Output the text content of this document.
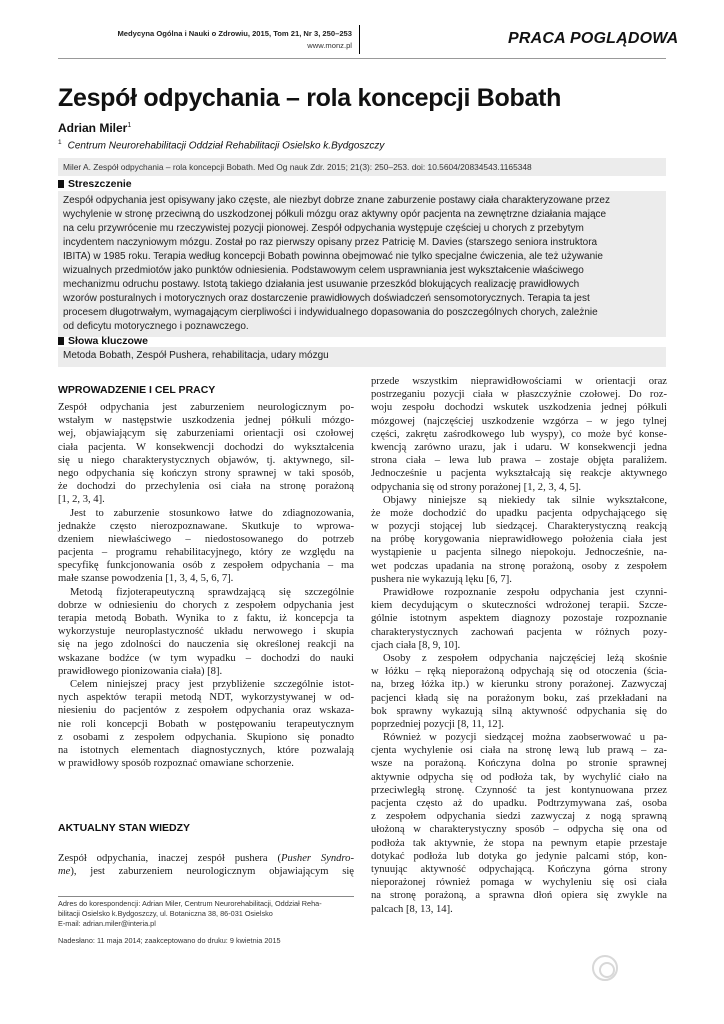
Medycyna Ogólna i Nauki o Zdrowiu, 2015, Tom 21, Nr 3, 250–253
www.monz.pl	PRACA POGLĄDOWA
Zespół odpychania – rola koncepcji Bobath
Adrian Miler$^1$
$^1$ Centrum Neurorehabilitacji Oddział Rehabilitacji Osielsko k.Bydgoszczy
Miler A. Zespół odpychania – rola koncepcji Bobath. Med Og nauk Zdr. 2015; 21(3): 250–253. doi: 10.5604/20834543.1165348
Streszczenie
Zespół odpychania jest opisywany jako częste, ale niezbyt dobrze znane zaburzenie postawy ciała charakteryzowane przez
wychylenie w stronę przeciwną do uszkodzonej półkuli mózgu oraz aktywny opór pacjenta na zewnętrzne działania mające
na celu przywrócenie mu rzeczywistej pozycji pionowej. Zespół odpychania występuje częściej u chorych z przebytym
incydentem naczyniowym mózgu. Został po raz pierwszy opisany przez Patricię M. Davies (starszego seniora instruktora
IBITA) w 1985 roku. Terapia według koncepcji Bobath powinna obejmować nie tylko specjalne ćwiczenia, ale też używanie
wizualnych przedmiotów jako punktów odniesienia. Podstawowym celem usprawniania jest wykształcenie właściwego
mechanizmu odruchu postawy. Istotą takiego działania jest usuwanie przeszkód blokujących realizację prawidłowych
wzorów posturalnych i motorycznych oraz dostarczenie prawidłowych doświadczeń sensomotorycznych. Terapia ta jest
procesem długotrwałym, wymagającym cierpliwości i indywidualnego dopasowania do poszczególnych chorych, zależnie
od deficytu motorycznego i poznawczego.
Słowa kluczowe
Metoda Bobath, Zespół Pushera, rehabilitacja, udary mózgu
WPROWADZENIE I CEL PRACY
Zespół odpychania jest zaburzeniem neurologicznym po-
wstałym w następstwie uszkodzenia jednej półkuli mózgo-
wej, objawiającym się zaburzeniami orientacji osi czołowej
ciała pacjenta. W konsekwencji dochodzi do wykształcenia
się u niego charakterystycznych objawów, tj. aktywnego, sil-
nego odpychania się kończyn strony sprawnej w taki sposób,
że dochodzi do przechylenia osi ciała na stronę porażoną
[1, 2, 3, 4].
Jest to zaburzenie stosunkowo łatwe do zdiagnozowania,
jednakże często nierozpoznawane. Skutkuje to wprowa-
dzeniem niewłaściwego – niedostosowanego do potrzeb
pacjenta – programu rehabilitacyjnego, który ze względu na
specyfikę funkcjonowania osób z zespołem odpychania – ma
małe szanse powodzenia [1, 3, 4, 5, 6, 7].
Metodą fizjoterapeutyczną sprawdzającą się szczególnie
dobrze w odniesieniu do chorych z zespołem odpychania jest
terapia metodą Bobath. Wynika to z faktu, iż koncepcja ta
wykorzystuje neuroplastyczność układu nerwowego i skupia
się na jego zdolności do nauczenia się określonej reakcji na
wskazane bodźce (w tym wypadku – dochodzi do nauki
prawidłowego pionizowania ciała) [8].
Celem niniejszej pracy jest przybliżenie szczególnie istot-
nych aspektów terapii metodą NDT, wykorzystywanej w od-
niesieniu do pacjentów z zespołem odpychania oraz wskaza-
nie roli koncepcji Bobath w postępowaniu terapeutycznym
z osobami z zespołem odpychania. Skupiono się ponadto
na istotnych elementach diagnostycznych, które pozwalają
w prawidłowy sposób rozpoznać omawiane schorzenie.
AKTUALNY STAN WIEDZY
Zespół odpychania, inaczej zespół pushera (Pusher Syndro-
me), jest zaburzeniem neurologicznym objawiającym się
przede wszystkim nieprawidłowościami w orientacji oraz
postrzeganiu pozycji ciała w płaszczyźnie czołowej. Do roz-
woju zespołu dochodzi wskutek uszkodzenia jednej półkuli
mózgowej (najczęściej uszkodzenie wzgórza – w jego tylnej
części, zakrętu zaśrodkowego lub wyspy), co może być konse-
kwencją zarówno urazu, jak i udaru. W konsekwencji jedna
strona ciała – lewa lub prawa – zostaje objęta paraliżem.
Jednocześnie u pacjenta wykształcają się reakcje aktywnego
odpychania się od strony porażonej [1, 2, 3, 4, 5].
Objawy niniejsze są niekiedy tak silnie wykształcone,
że może dochodzić do upadku pacjenta odpychającego się
w pozycji stojącej lub siedzącej. Charakterystyczną reakcją
na próbę korygowania nieprawidłowego położenia ciała jest
wystąpienie u pacjenta silnego niepokoju. Jednocześnie, na-
wet podczas upadania na stronę porażoną, osoby z zespołem
pushera nie wykazują lęku [6, 7].
Prawidłowe rozpoznanie zespołu odpychania jest czynni-
kiem decydującym o skuteczności wdrożonej terapii. Szcze-
gólnie istotnym aspektem diagnozy pozostaje rozpoznanie
charakterystycznych zachowań pacjenta w różnych pozy-
cjach ciała [8, 9, 10].
Osoby z zespołem odpychania najczęściej leżą skośnie
w łóżku – ręką nieporażoną odpychają się od otoczenia (ścia-
na, brzeg łóżka itp.) w kierunku strony porażonej. Zazwyczaj
pacjenci kładą się na porażonym boku, zaś przekładani na
bok sprawny wykazują silną aktywność odpychania się do
poprzedniej pozycji [8, 11, 12].
Również w pozycji siedzącej można zaobserwować u pa-
cjenta wychylenie osi ciała na stronę lewą lub prawą – za-
wsze na porażoną. Kończyna dolna po stronie sprawnej
aktywnie odpycha się od podłoża tak, by wychylić ciało na
przeciwległą stronę. Czynność ta jest kontynuowana przez
pacjenta często aż do upadku. Podtrzymywana zaś, osoba
z zespołem odpychania siedzi zazwyczaj z nogą sprawną
ułożoną w charakterystyczny sposób – odpycha się ona od
podłoża tak aktywnie, że stopa na pewnym etapie przestaje
dotykać podłoża lub dotyka go jedynie palcami stóp, kon-
tynuując aktywność odpychającą. Kończyna górna strony
nieporażonej również pomaga w wychyleniu się osi ciała
na stronę porażoną, a sprawna dłoń opiera się zwykle na
palcach [8, 13, 14].
Adres do korespondencji: Adrian Miler, Centrum Neurorehabilitacji, Oddział Reha-
bilitacji Osielsko k.Bydgoszczy, ul. Botaniczna 38, 86-031 Osielsko
E-mail: adrian.miler@interia.pl
Nadesłano: 11 maja 2014; zaakceptowano do druku: 9 kwietnia 2015
